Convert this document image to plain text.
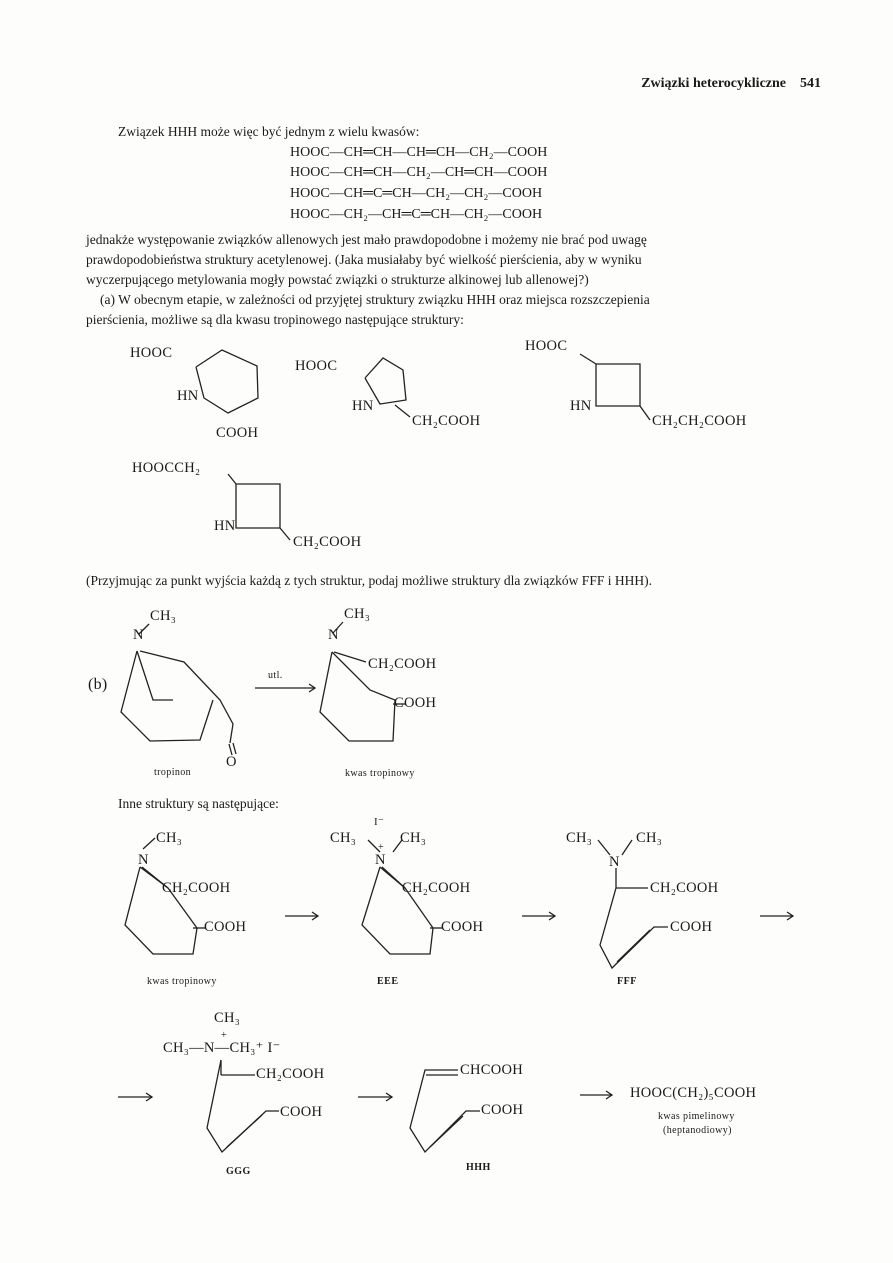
Związki heterocykliczne 541
Związek HHH może więc być jednym z wielu kwasów:
HOOC—CH═CH—CH═CH—CH₂—COOH
HOOC—CH═CH—CH₂—CH═CH—COOH
HOOC—CH═C═CH—CH₂—CH₂—COOH
HOOC—CH₂—CH═C═CH—CH₂—COOH
jednakże występowanie związków allenowych jest mało prawdopodobne i możemy nie brać pod uwagę
prawdopodobieństwa struktury acetylenowej. (Jaka musiałaby być wielkość pierścienia, aby w wyniku
wyczerpującego metylowania mogły powstać związki o strukturze alkinowej lub allenowej?)
(a) W obecnym etapie, w zależności od przyjętej struktury związku HHH oraz miejsca rozszczepienia
pierścienia, możliwe są dla kwasu tropinowego następujące struktury:
HOOC
HN
COOH
HOOC
HN
CH₂COOH
HOOC
HN
CH₂CH₂COOH
HOOCCH₂
HN
CH₂COOH
(Przyjmując za punkt wyjścia każdą z tych struktur, podaj możliwe struktury dla związków FFF i HHH).
(b)
CH₃
N
O
utl.
CH₃
N
CH₂COOH
COOH
tropinon	kwas tropinowy
Inne struktury są następujące:
CH₃
N
CH₂COOH
COOH
kwas tropinowy
I⁻
CH₃
+
CH₃
N
CH₂COOH
COOH
EEE
CH₃	CH₃
N
CH₂COOH
COOH
FFF
CH₃
+
CH₃—N—CH₃⁺ I⁻
CH₂COOH
COOH
GGG
CHCOOH
COOH
HHH
HOOC(CH₂)₅COOH
kwas pimelinowy
(heptanodiowy)
